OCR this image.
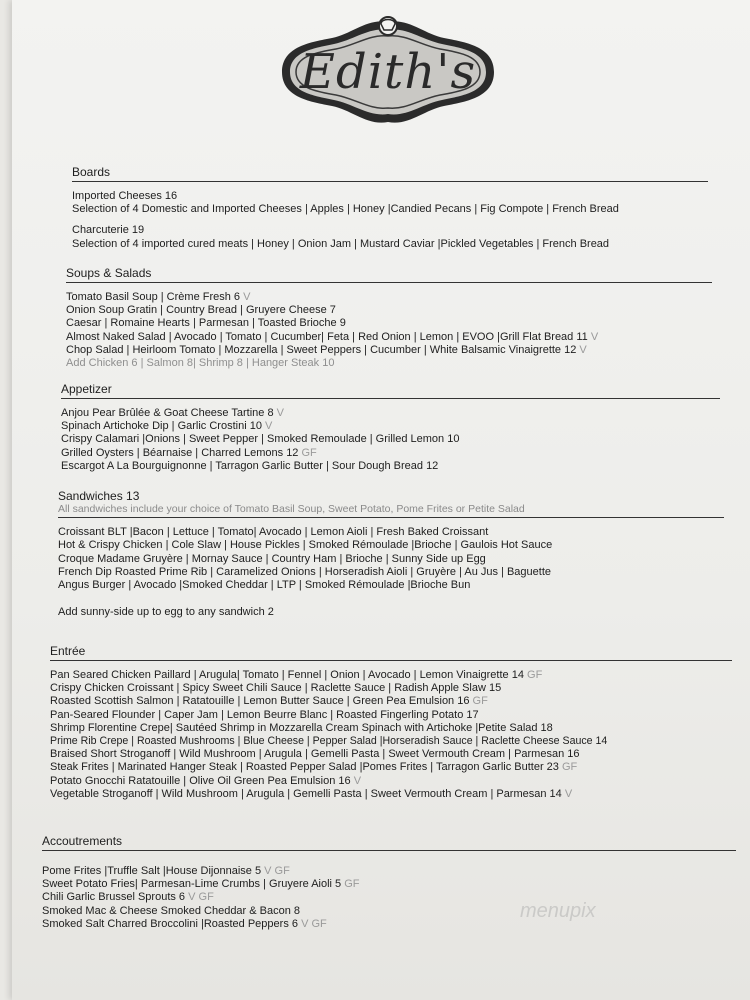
Edith's
Boards
Imported Cheeses 16
Selection of 4 Domestic and Imported Cheeses | Apples | Honey |Candied Pecans | Fig Compote | French Bread
Charcuterie 19
Selection of 4 imported cured meats | Honey | Onion Jam | Mustard Caviar |Pickled Vegetables | French Bread
Soups & Salads
Tomato Basil Soup | Crème Fresh 6 V
Onion Soup Gratin | Country Bread | Gruyere Cheese 7
Caesar | Romaine Hearts | Parmesan | Toasted Brioche 9
Almost Naked Salad | Avocado | Tomato | Cucumber| Feta | Red Onion | Lemon | EVOO |Grill Flat Bread 11 V
Chop Salad | Heirloom Tomato | Mozzarella | Sweet Peppers | Cucumber | White Balsamic Vinaigrette 12 V
Add Chicken 6 | Salmon 8| Shrimp 8 | Hanger Steak 10
Appetizer
Anjou Pear Brûlée & Goat Cheese Tartine 8 V
Spinach Artichoke Dip | Garlic Crostini 10 V
Crispy Calamari |Onions | Sweet Pepper | Smoked Remoulade | Grilled Lemon 10
Grilled Oysters | Béarnaise | Charred Lemons 12 GF
Escargot A La Bourguignonne | Tarragon Garlic Butter | Sour Dough Bread 12
Sandwiches 13
All sandwiches include your choice of Tomato Basil Soup, Sweet Potato, Pome Frites or Petite Salad
Croissant BLT |Bacon | Lettuce | Tomato| Avocado | Lemon Aioli | Fresh Baked Croissant
Hot & Crispy Chicken | Cole Slaw | House Pickles | Smoked Rémoulade |Brioche | Gaulois Hot Sauce
Croque Madame Gruyère | Mornay Sauce | Country Ham | Brioche | Sunny Side up Egg
French Dip Roasted Prime Rib | Caramelized Onions | Horseradish Aioli | Gruyère | Au Jus | Baguette
Angus Burger | Avocado |Smoked Cheddar | LTP | Smoked Rémoulade |Brioche Bun
Add sunny-side up to egg to any sandwich 2
Entrée
Pan Seared Chicken Paillard | Arugula| Tomato | Fennel | Onion | Avocado | Lemon Vinaigrette 14 GF
Crispy Chicken Croissant | Spicy Sweet Chili Sauce | Raclette Sauce | Radish Apple Slaw 15
Roasted Scottish Salmon | Ratatouille | Lemon Butter Sauce | Green Pea Emulsion 16 GF
Pan-Seared Flounder | Caper Jam | Lemon Beurre Blanc | Roasted Fingerling Potato 17
Shrimp Florentine Crepe| Sautéed Shrimp in Mozzarella Cream Spinach with Artichoke |Petite Salad 18
Prime Rib Crepe | Roasted Mushrooms | Blue Cheese | Pepper Salad |Horseradish Sauce | Raclette Cheese Sauce 14
Braised Short Stroganoff | Wild Mushroom | Arugula | Gemelli Pasta | Sweet Vermouth Cream | Parmesan 16
Steak Frites | Marinated Hanger Steak | Roasted Pepper Salad |Pomes Frites | Tarragon Garlic Butter 23 GF
Potato Gnocchi Ratatouille | Olive Oil Green Pea Emulsion 16 V
Vegetable Stroganoff | Wild Mushroom | Arugula | Gemelli Pasta | Sweet Vermouth Cream | Parmesan 14 V
Accoutrements
Pome Frites |Truffle Salt |House Dijonnaise 5 V GF
Sweet Potato Fries| Parmesan-Lime Crumbs | Gruyere Aioli 5 GF
Chili Garlic Brussel Sprouts 6 V GF
Smoked Mac & Cheese Smoked Cheddar & Bacon 8
Smoked Salt Charred Broccolini |Roasted Peppers 6 V GF
menupix
